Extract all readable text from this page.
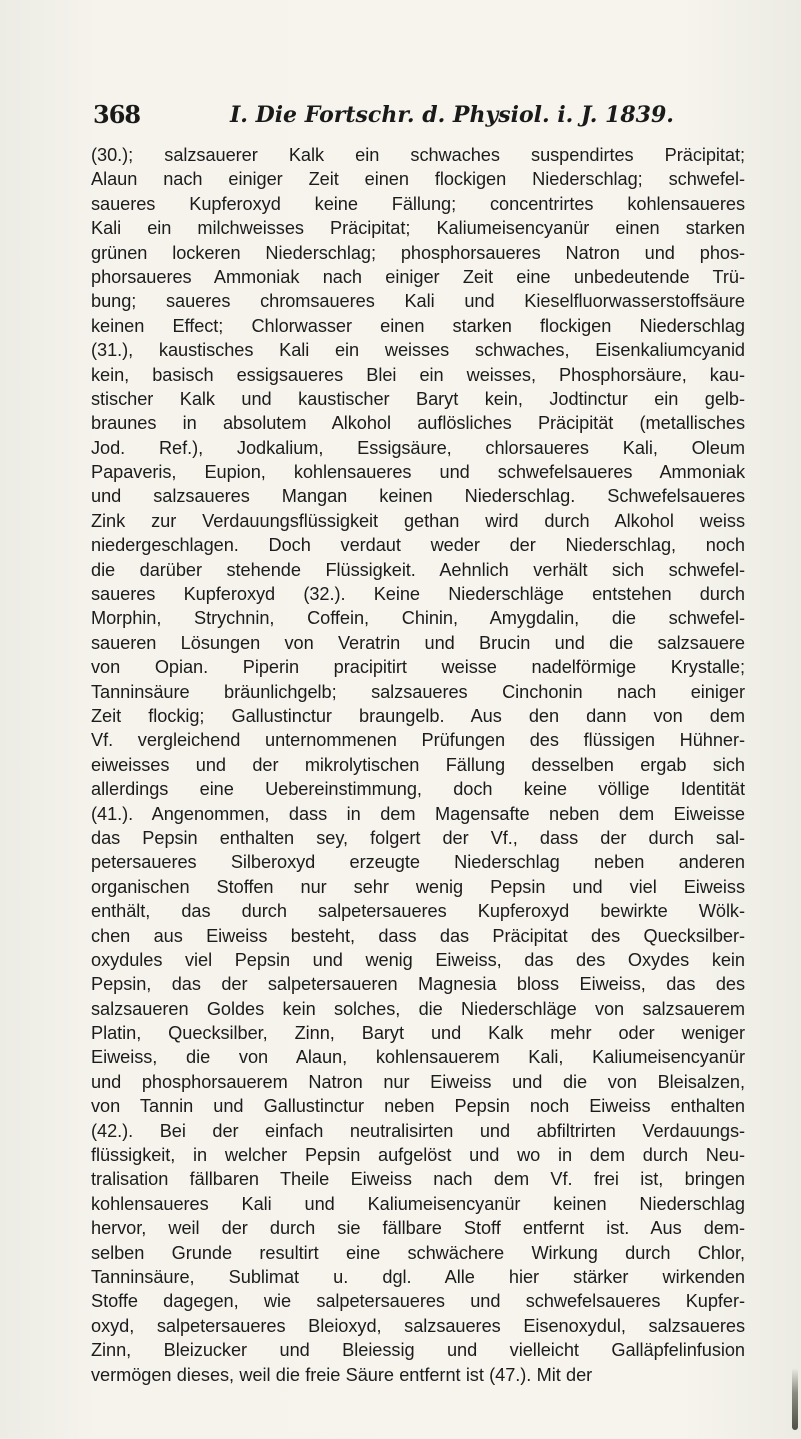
368	I. Die Fortschr. d. Physiol. i. J. 1839.
(30.); salzsauerer Kalk ein schwaches suspendirtes Präcipitat;
Alaun nach einiger Zeit einen flockigen Niederschlag; schwefel-
saueres Kupferoxyd keine Fällung; concentrirtes kohlensaueres
Kali ein milchweisses Präcipitat; Kaliumeisencyanür einen starken
grünen lockeren Niederschlag; phosphorsaueres Natron und phos-
phorsaueres Ammoniak nach einiger Zeit eine unbedeutende Trü-
bung; saueres chromsaueres Kali und Kieselfluorwasserstoffsäure
keinen Effect; Chlorwasser einen starken flockigen Niederschlag
(31.), kaustisches Kali ein weisses schwaches, Eisenkaliumcyanid
kein, basisch essigsaueres Blei ein weisses, Phosphorsäure, kau-
stischer Kalk und kaustischer Baryt kein, Jodtinctur ein gelb-
braunes in absolutem Alkohol auflösliches Präcipität (metallisches
Jod. Ref.), Jodkalium, Essigsäure, chlorsaueres Kali, Oleum
Papaveris, Eupion, kohlensaueres und schwefelsaueres Ammoniak
und salzsaueres Mangan keinen Niederschlag. Schwefelsaueres
Zink zur Verdauungsflüssigkeit gethan wird durch Alkohol weiss
niedergeschlagen. Doch verdaut weder der Niederschlag, noch
die darüber stehende Flüssigkeit. Aehnlich verhält sich schwefel-
saueres Kupferoxyd (32.). Keine Niederschläge entstehen durch
Morphin, Strychnin, Coffein, Chinin, Amygdalin, die schwefel-
saueren Lösungen von Veratrin und Brucin und die salzsauere
von Opian. Piperin pracipitirt weisse nadelförmige Krystalle;
Tanninsäure bräunlichgelb; salzsaueres Cinchonin nach einiger
Zeit flockig; Gallustinctur braungelb. Aus den dann von dem
Vf. vergleichend unternommenen Prüfungen des flüssigen Hühner-
eiweisses und der mikrolytischen Fällung desselben ergab sich
allerdings eine Uebereinstimmung, doch keine völlige Identität
(41.). Angenommen, dass in dem Magensafte neben dem Eiweisse
das Pepsin enthalten sey, folgert der Vf., dass der durch sal-
petersaueres Silberoxyd erzeugte Niederschlag neben anderen
organischen Stoffen nur sehr wenig Pepsin und viel Eiweiss
enthält, das durch salpetersaueres Kupferoxyd bewirkte Wölk-
chen aus Eiweiss besteht, dass das Präcipitat des Quecksilber-
oxydules viel Pepsin und wenig Eiweiss, das des Oxydes kein
Pepsin, das der salpetersaueren Magnesia bloss Eiweiss, das des
salzsaueren Goldes kein solches, die Niederschläge von salzsauerem
Platin, Quecksilber, Zinn, Baryt und Kalk mehr oder weniger
Eiweiss, die von Alaun, kohlensauerem Kali, Kaliumeisencyanür
und phosphorsauerem Natron nur Eiweiss und die von Bleisalzen,
von Tannin und Gallustinctur neben Pepsin noch Eiweiss enthalten
(42.). Bei der einfach neutralisirten und abfiltrirten Verdauungs-
flüssigkeit, in welcher Pepsin aufgelöst und wo in dem durch Neu-
tralisation fällbaren Theile Eiweiss nach dem Vf. frei ist, bringen
kohlensaueres Kali und Kaliumeisencyanür keinen Niederschlag
hervor, weil der durch sie fällbare Stoff entfernt ist. Aus dem-
selben Grunde resultirt eine schwächere Wirkung durch Chlor,
Tanninsäure, Sublimat u. dgl. Alle hier stärker wirkenden
Stoffe dagegen, wie salpetersaueres und schwefelsaueres Kupfer-
oxyd, salpetersaueres Bleioxyd, salzsaueres Eisenoxydul, salzsaueres
Zinn, Bleizucker und Bleiessig und vielleicht Galläpfelinfusion
vermögen dieses, weil die freie Säure entfernt ist (47.). Mit der
